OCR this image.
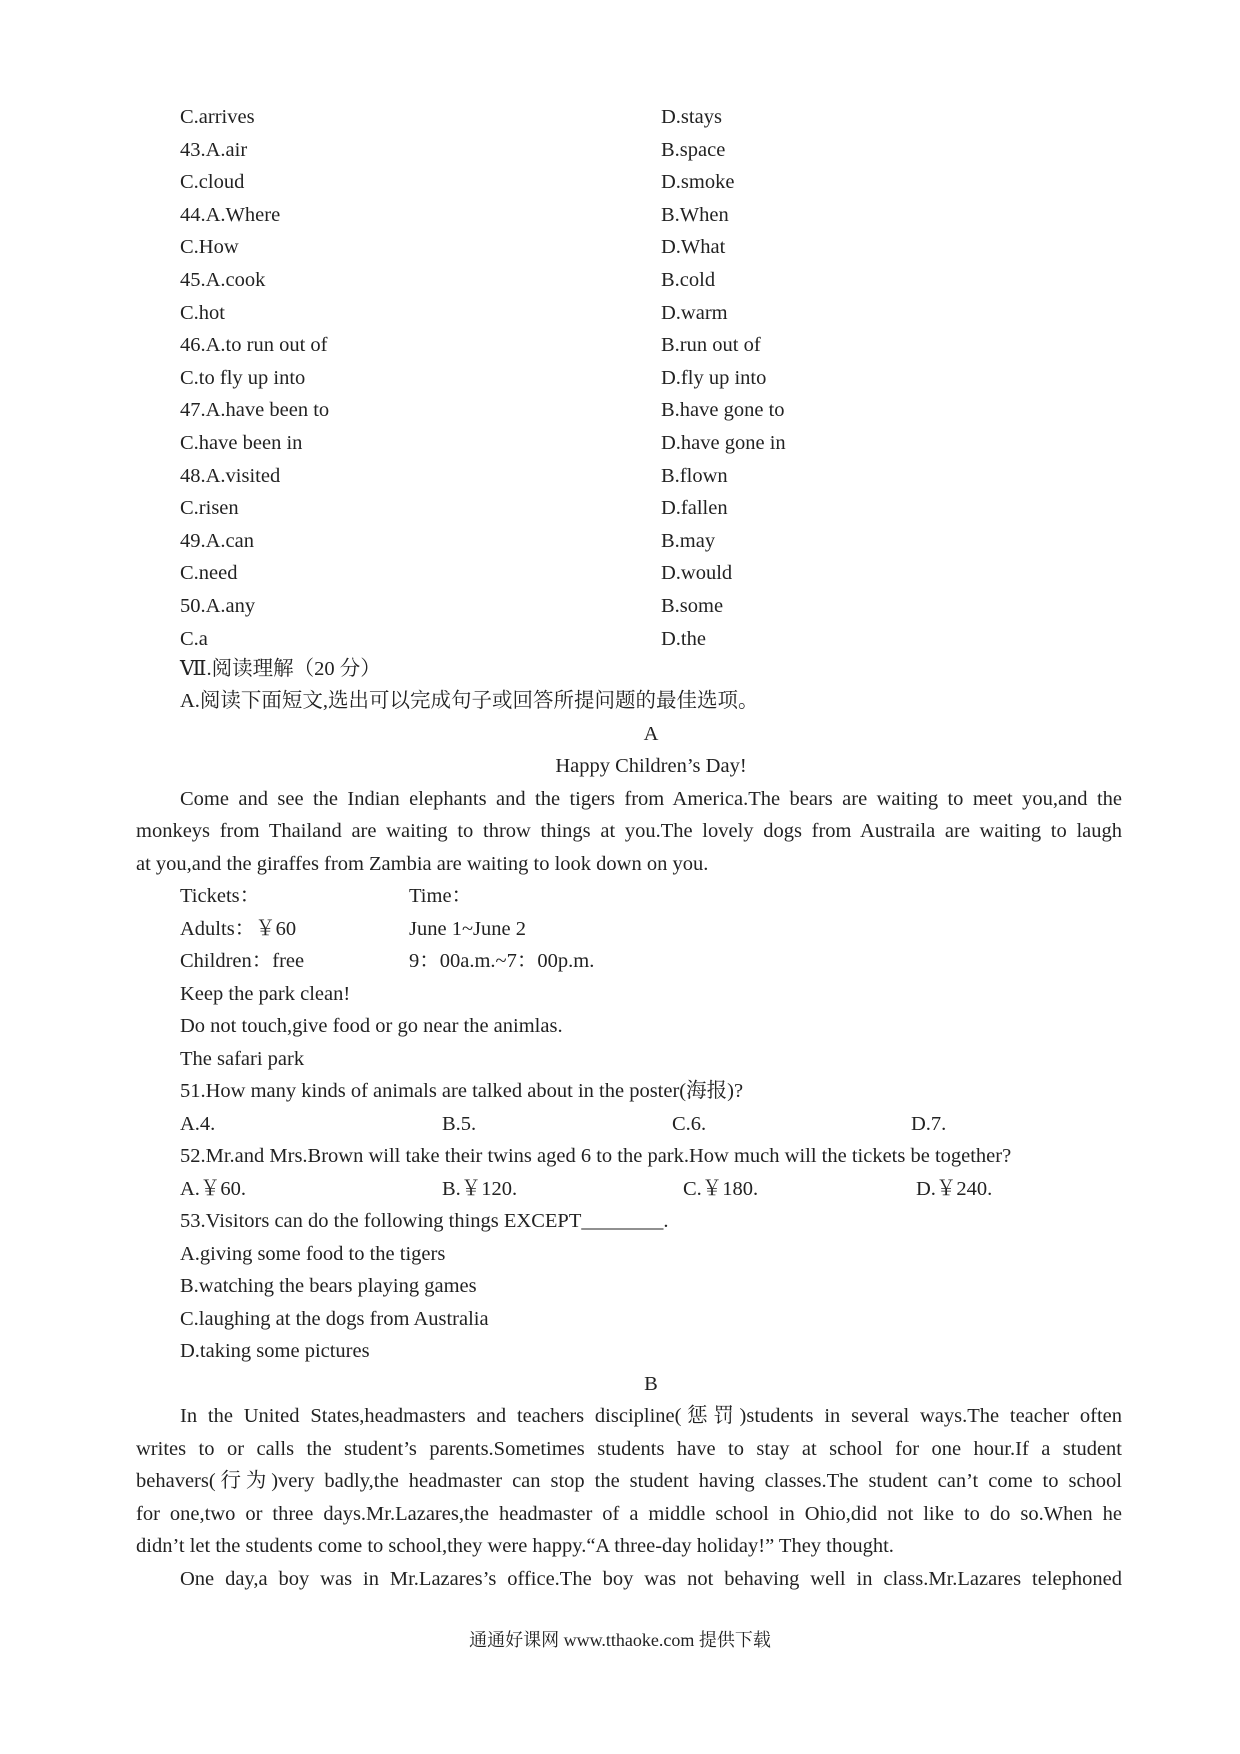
C.arrives	D.stays
43.A.air	B.space
C.cloud	D.smoke
44.A.Where	B.When
C.How	D.What
45.A.cook	B.cold
C.hot	D.warm
46.A.to run out of	B.run out of
C.to fly up into	D.fly up into
47.A.have been to	B.have gone to
C.have been in	D.have gone in
48.A.visited	B.flown
C.risen	D.fallen
49.A.can	B.may
C.need	D.would
50.A.any	B.some
C.a	D.the
Ⅶ.阅读理解（20 分）
A.阅读下面短文,选出可以完成句子或回答所提问题的最佳选项。
A
Happy Children’s Day!
Come and see the Indian elephants and the tigers from America.The bears are waiting to meet you,and the
monkeys from Thailand are waiting to throw things at you.The lovely dogs from Austraila are waiting to laugh
at you,and the giraffes from Zambia are waiting to look down on you.
Tickets：	Time：
Adults：￥60	June 1~June 2
Children：free	9：00a.m.~7：00p.m.
Keep the park clean!
Do not touch,give food or go near the animlas.
The safari park
51.How many kinds of animals are talked about in the poster(海报)?
A.4.	B.5.	C.6.	D.7.
52.Mr.and Mrs.Brown will take their twins aged 6 to the park.How much will the tickets be together?
A.￥60.	B.￥120.	C.￥180.	D.￥240.
53.Visitors can do the following things EXCEPT________.
A.giving some food to the tigers
B.watching the bears playing games
C.laughing at the dogs from Australia
D.taking some pictures
B
In the United States,headmasters and teachers discipline(惩罚)students in several ways.The teacher often
writes to or calls the student’s parents.Sometimes students have to stay at school for one hour.If a student
behavers(行为)very badly,the headmaster can stop the student having classes.The student can’t come to school
for one,two or three days.Mr.Lazares,the headmaster of a middle school in Ohio,did not like to do so.When he
didn’t let the students come to school,they were happy.“A three-day holiday!” They thought.
One day,a boy was in Mr.Lazares’s office.The boy was not behaving well in class.Mr.Lazares telephoned
通通好课网 www.tthaoke.com 提供下载
